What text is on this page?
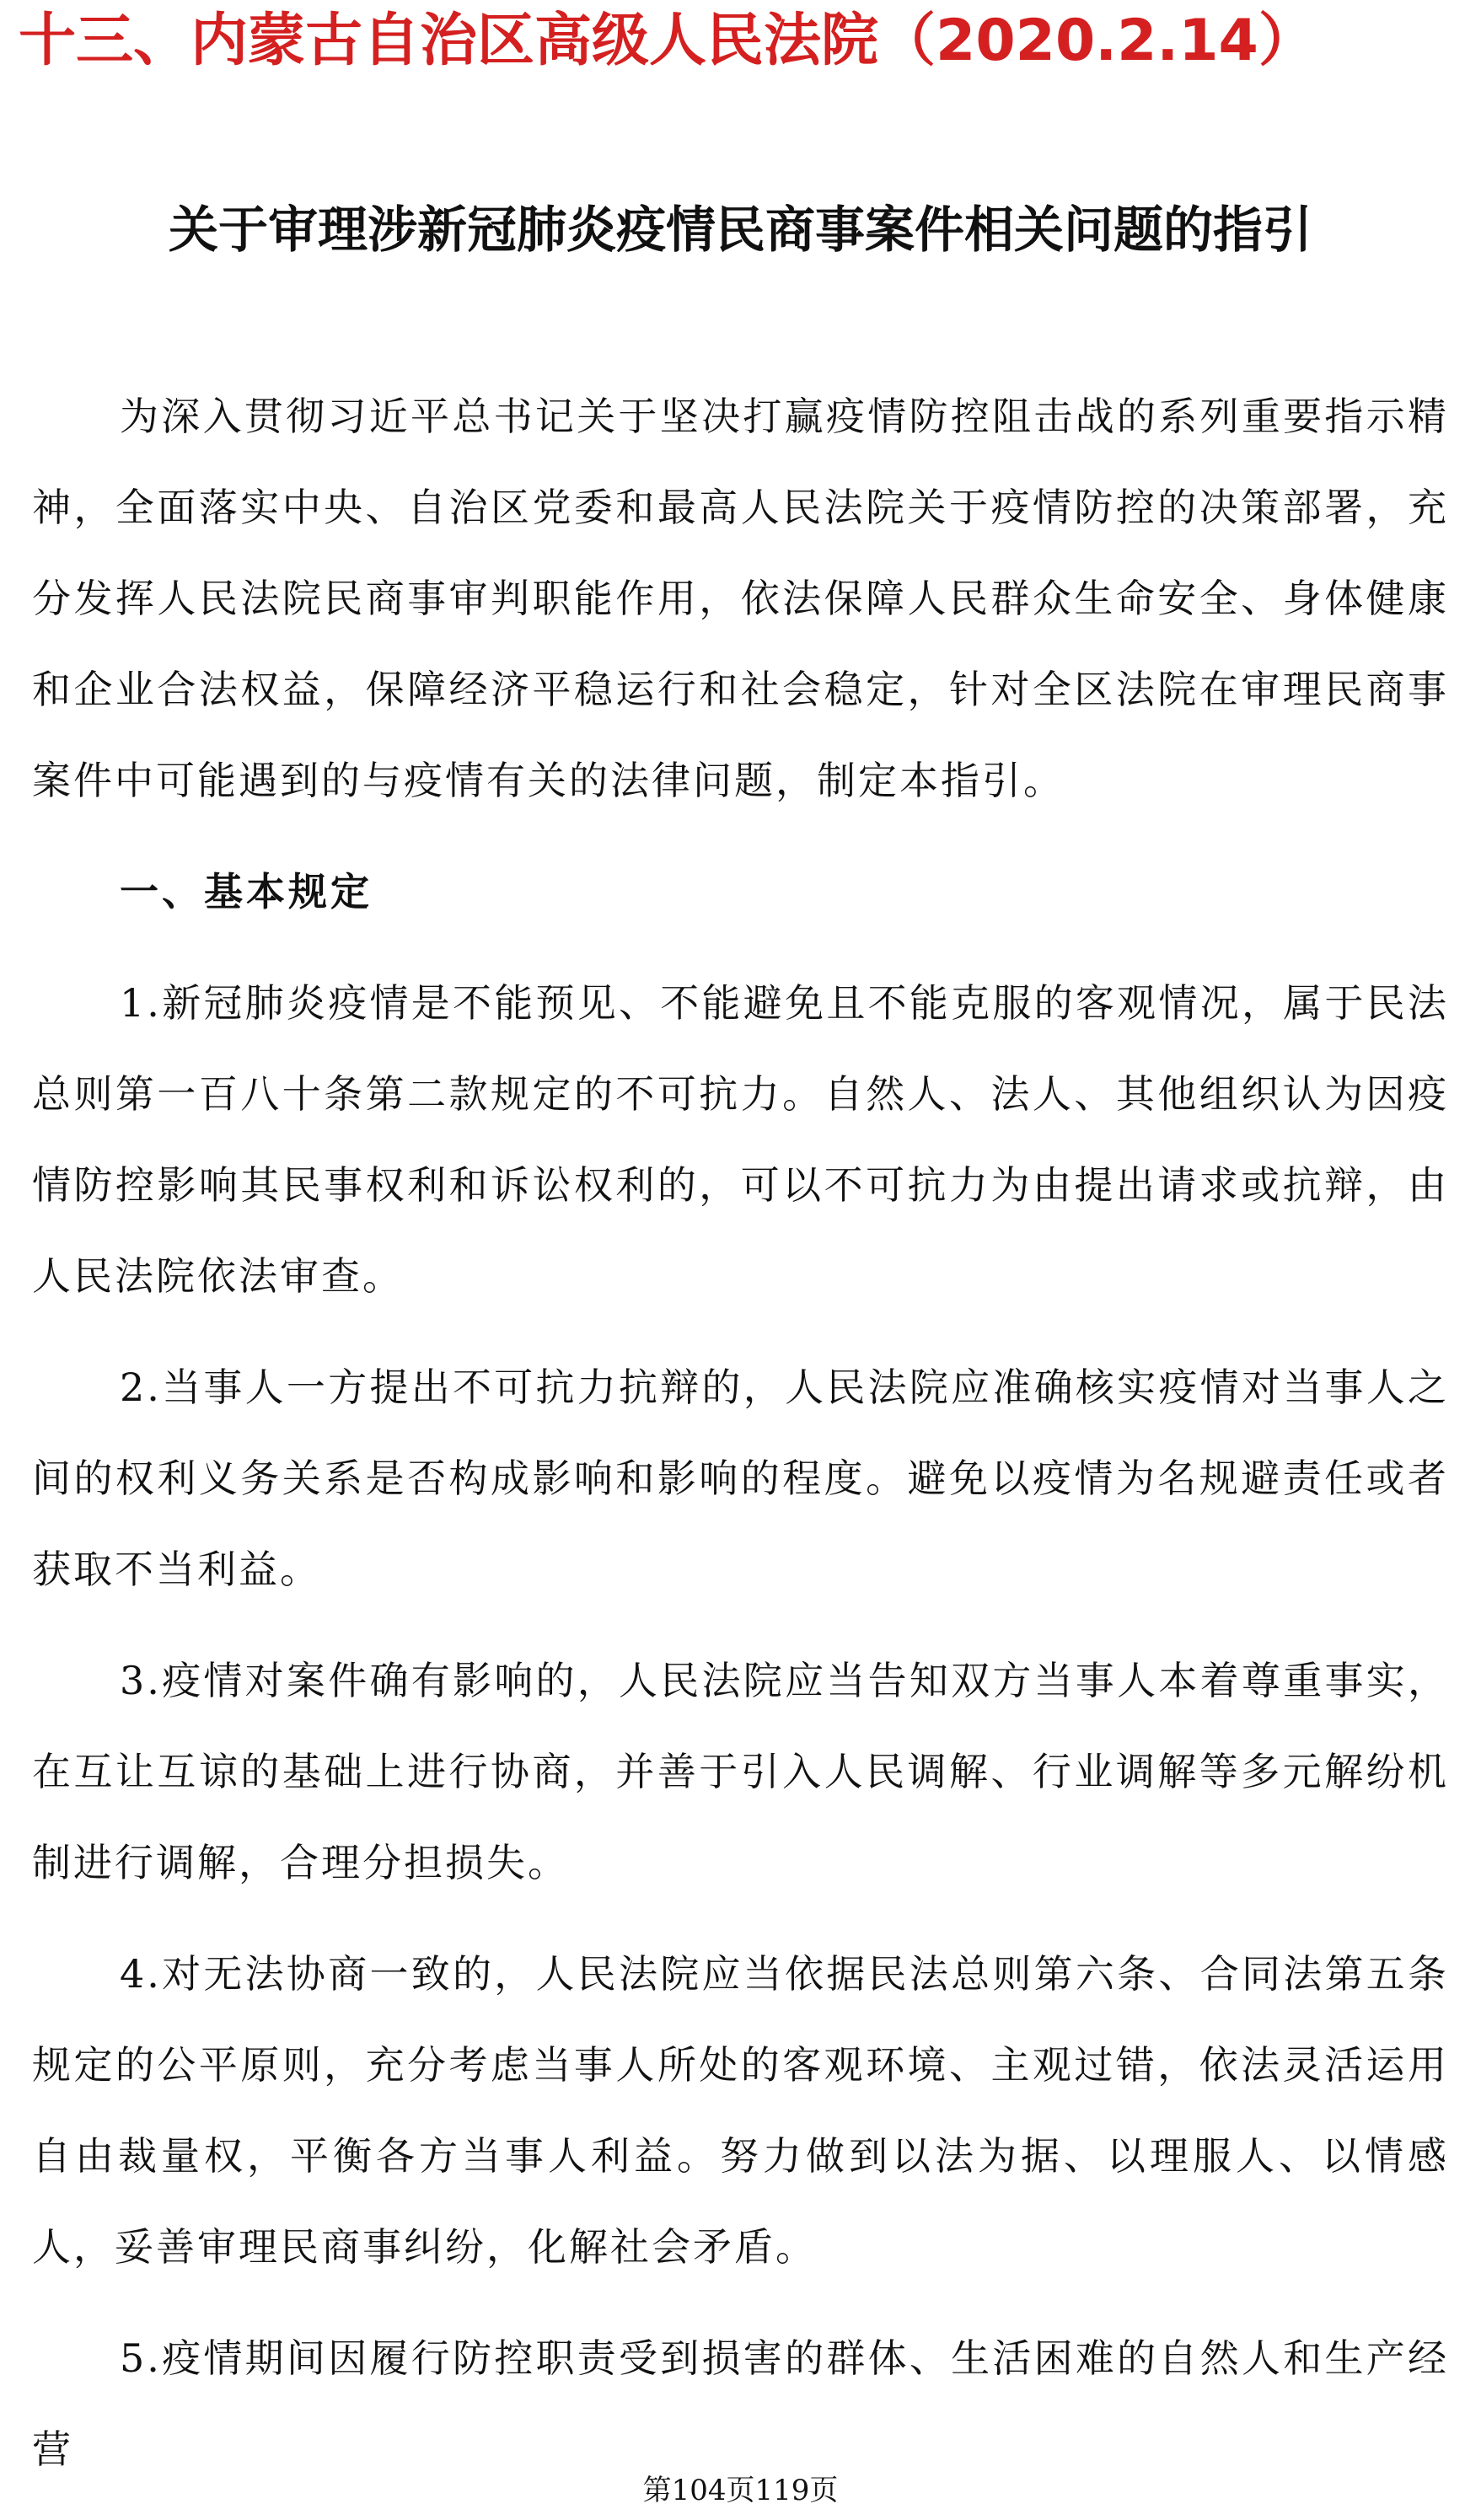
十三、内蒙古自治区高级人民法院（2020.2.14）
关于审理涉新冠肺炎疫情民商事案件相关问题的指引

为深入贯彻习近平总书记关于坚决打赢疫情防控阻击战的系列重要指示精神，全面落实中央、自治区党委和最高人民法院关于疫情防控的决策部署，充分发挥人民法院民商事审判职能作用，依法保障人民群众生命安全、身体健康和企业合法权益，保障经济平稳运行和社会稳定，针对全区法院在审理民商事案件中可能遇到的与疫情有关的法律问题，制定本指引。

一、基本规定

1.新冠肺炎疫情是不能预见、不能避免且不能克服的客观情况，属于民法总则第一百八十条第二款规定的不可抗力。自然人、法人、其他组织认为因疫情防控影响其民事权利和诉讼权利的，可以不可抗力为由提出请求或抗辩，由人民法院依法审查。

2.当事人一方提出不可抗力抗辩的，人民法院应准确核实疫情对当事人之间的权利义务关系是否构成影响和影响的程度。避免以疫情为名规避责任或者获取不当利益。

3.疫情对案件确有影响的，人民法院应当告知双方当事人本着尊重事实，在互让互谅的基础上进行协商，并善于引入人民调解、行业调解等多元解纷机制进行调解，合理分担损失。

4.对无法协商一致的，人民法院应当依据民法总则第六条、合同法第五条规定的公平原则，充分考虑当事人所处的客观环境、主观过错，依法灵活运用自由裁量权，平衡各方当事人利益。努力做到以法为据、以理服人、以情感人，妥善审理民商事纠纷，化解社会矛盾。

5.疫情期间因履行防控职责受到损害的群体、生活困难的自然人和生产经营

第104页119页
